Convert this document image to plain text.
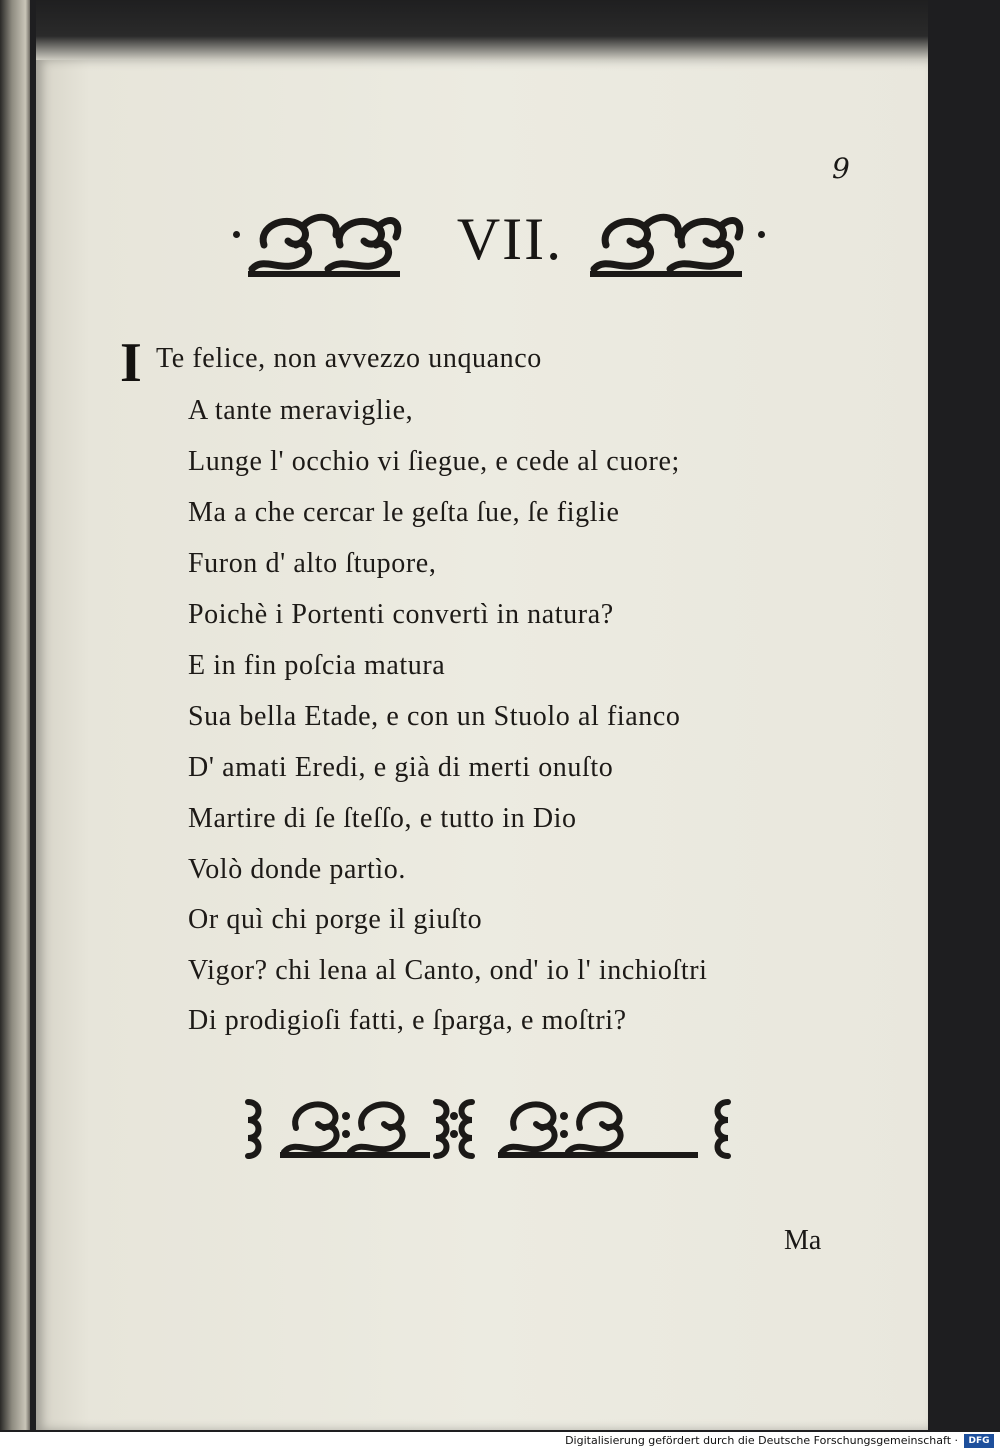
9
VII.
I Te felice, non avvezzo unquanco
A tante meraviglie,
Lunge l' occhio vi ſiegue, e cede al cuore;
Ma a che cercar le geſta ſue, ſe figlie
Furon d' alto ſtupore,
Poichè i Portenti convertì in natura?
E in fin poſcia matura
Sua bella Etade, e con un Stuolo al fianco
D' amati Eredi, e già di merti onuſto
Martire di ſe ſteſſo, e tutto in Dio
Volò donde partìo.
Or quì chi porge il giuſto
Vigor? chi lena al Canto, ond' io l' inchioſtri
Di prodigioſi fatti, e ſparga, e moſtri?
Ma
Digitalisierung gefördert durch die Deutsche Forschungsgemeinschaft ·	DFG
